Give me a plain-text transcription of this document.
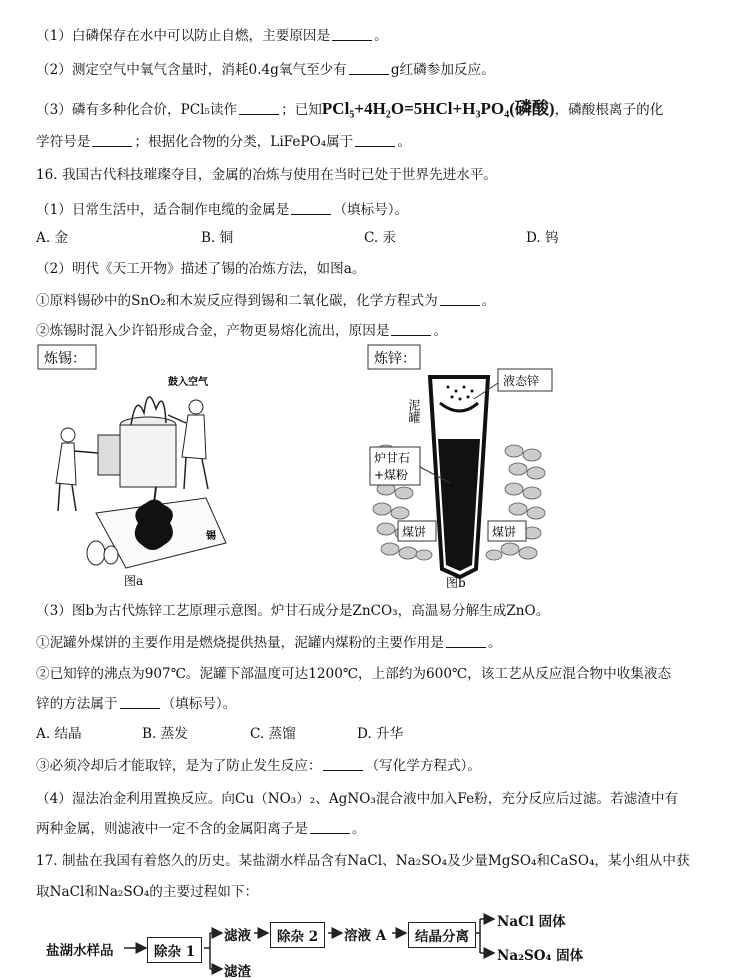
（1）白磷保存在水中可以防止自燃，主要原因是	。
（2）测定空气中氧气含量时，消耗0.4g氧气至少有	g红磷参加反应。
（3）磷有多种化合价，PCl₅读作	；已知PCl₅+4H₂O=5HCl+H₃PO₄(磷酸)，磷酸根离子的化
学符号是	；根据化合物的分类，LiFePO₄属于	。
16. 我国古代科技璀璨夺目，金属的冶炼与使用在当时已处于世界先进水平。
（1）日常生活中，适合制作电缆的金属是	（填标号）。
A. 金	B. 铜	C. 汞	D. 钨
（2）明代《天工开物》描述了锡的冶炼方法，如图a。
①原料锡砂中的SnO₂和木炭反应得到锡和二氧化碳，化学方程式为	。
②炼锡时混入少许铅形成合金，产物更易熔化流出，原因是	。
炼锡：
鼓入空气
锡
图a
炼锌：
泥罐
液态锌
炉甘石
+煤粉
煤饼	煤饼
图b
（3）图b为古代炼锌工艺原理示意图。炉甘石成分是ZnCO₃，高温易分解生成ZnO。
①泥罐外煤饼的主要作用是燃烧提供热量，泥罐内煤粉的主要作用是	。
②已知锌的沸点为907℃。泥罐下部温度可达1200℃，上部约为600℃，该工艺从反应混合物中收集液态
锌的方法属于	（填标号）。
A. 结晶	B. 蒸发	C. 蒸馏	D. 升华
③必须冷却后才能取锌，是为了防止发生反应：	（写化学方程式）。
（4）湿法冶金利用置换反应。向Cu（NO₃）₂、AgNO₃混合液中加入Fe粉，充分反应后过滤。若滤渣中有
两种金属，则滤液中一定不含的金属阳离子是	。
17. 制盐在我国有着悠久的历史。某盐湖水样品含有NaCl、Na₂SO₄及少量MgSO₄和CaSO₄，某小组从中获
取NaCl和Na₂SO₄的主要过程如下：
盐湖水样品	除杂 1
滤液
滤渣
除杂 2	溶液 A	结晶分离
NaCl 固体
Na₂SO₄ 固体
